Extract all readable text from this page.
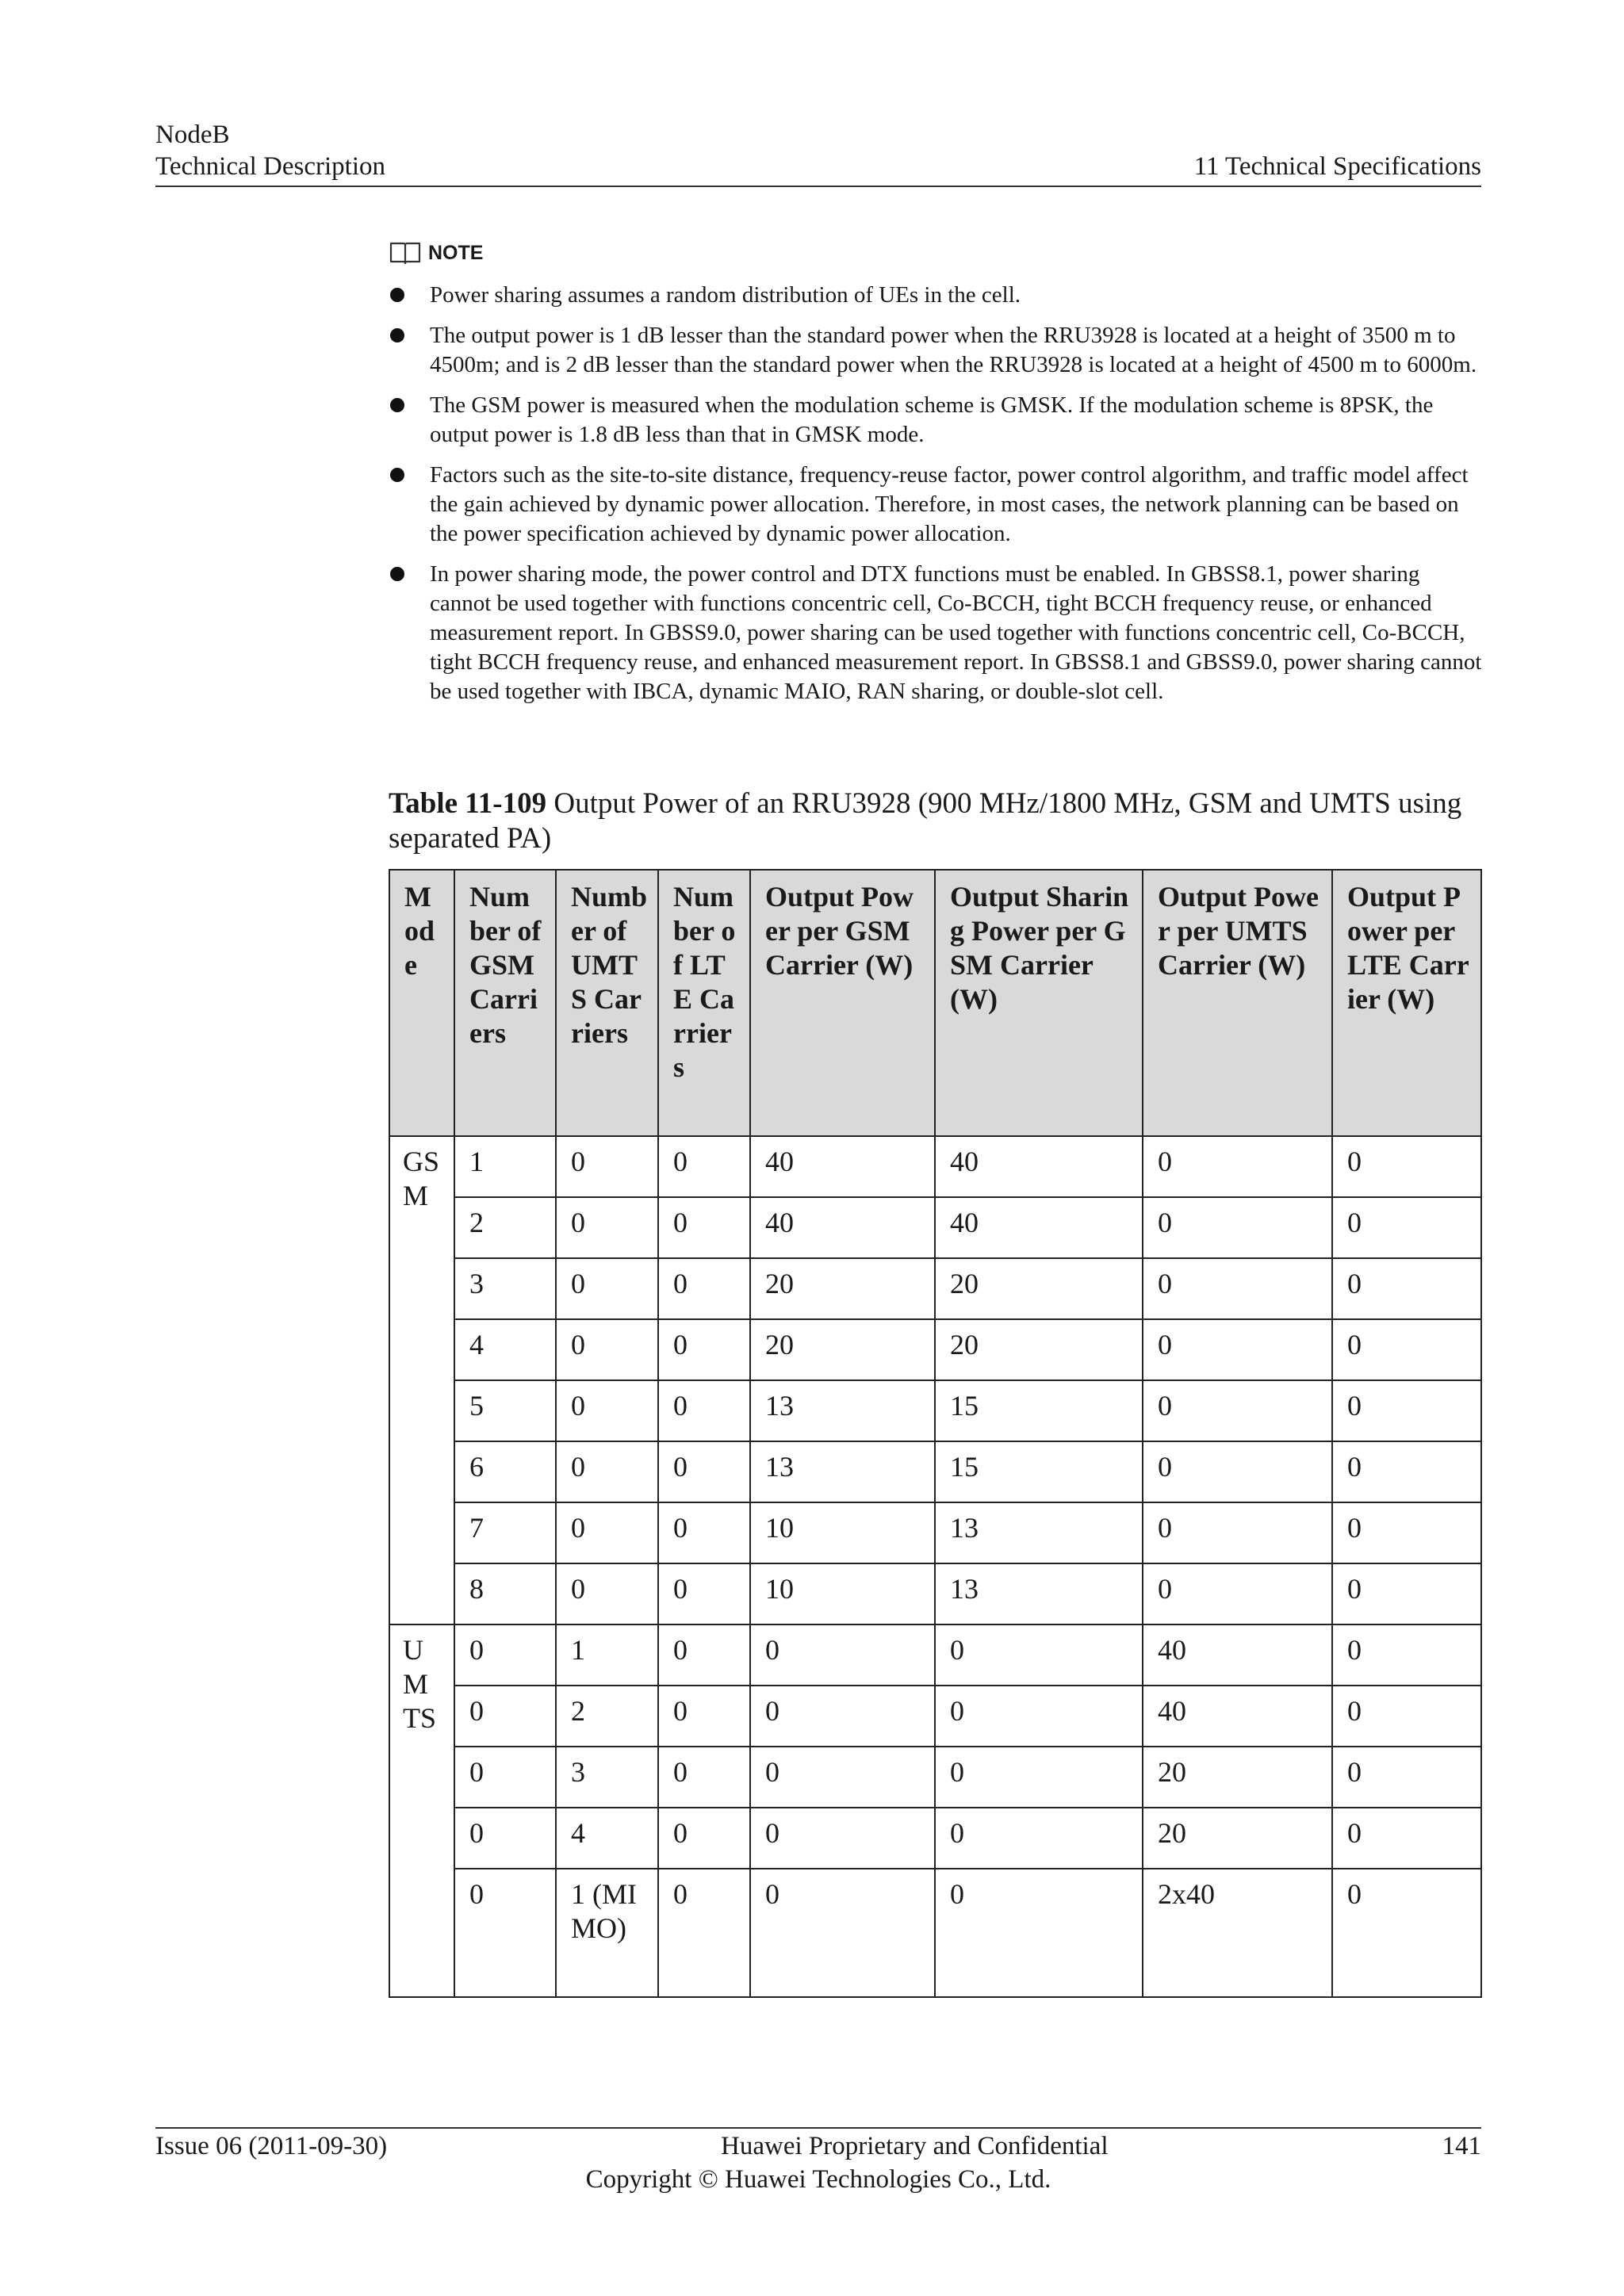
NodeB
Technical Description	11 Technical Specifications
NOTE
Power sharing assumes a random distribution of UEs in the cell.
The output power is 1 dB lesser than the standard power when the RRU3928 is located at a height of 3500 m to 4500m; and is 2 dB lesser than the standard power when the RRU3928 is located at a height of 4500 m to 6000m.
The GSM power is measured when the modulation scheme is GMSK. If the modulation scheme is 8PSK, the output power is 1.8 dB less than that in GMSK mode.
Factors such as the site-to-site distance, frequency-reuse factor, power control algorithm, and traffic model affect the gain achieved by dynamic power allocation. Therefore, in most cases, the network planning can be based on the power specification achieved by dynamic power allocation.
In power sharing mode, the power control and DTX functions must be enabled. In GBSS8.1, power sharing cannot be used together with functions concentric cell, Co-BCCH, tight BCCH frequency reuse, or enhanced measurement report. In GBSS9.0, power sharing can be used together with functions concentric cell, Co-BCCH, tight BCCH frequency reuse, and enhanced measurement report. In GBSS8.1 and GBSS9.0, power sharing cannot be used together with IBCA, dynamic MAIO, RAN sharing, or double-slot cell.
Table 11-109 Output Power of an RRU3928 (900 MHz/1800 MHz, GSM and UMTS using separated PA)
Mode	Number of GSM Carriers	Number of UMTS Carriers	Number of LTE Carriers	Output Power per GSM Carrier (W)	Output Sharing Power per GSM Carrier (W)	Output Power per UMTS Carrier (W)	Output Power per LTE Carrier (W)
GSM	1	0	0	40	40	0	0
	2	0	0	40	40	0	0
	3	0	0	20	20	0	0
	4	0	0	20	20	0	0
	5	0	0	13	15	0	0
	6	0	0	13	15	0	0
	7	0	0	10	13	0	0
	8	0	0	10	13	0	0
UMTS	0	1	0	0	0	40	0
	0	2	0	0	0	40	0
	0	3	0	0	0	20	0
	0	4	0	0	0	20	0
	0	1 (MIMO)	0	0	0	2x40	0
Issue 06 (2011-09-30)	Huawei Proprietary and Confidential	141
Copyright © Huawei Technologies Co., Ltd.
